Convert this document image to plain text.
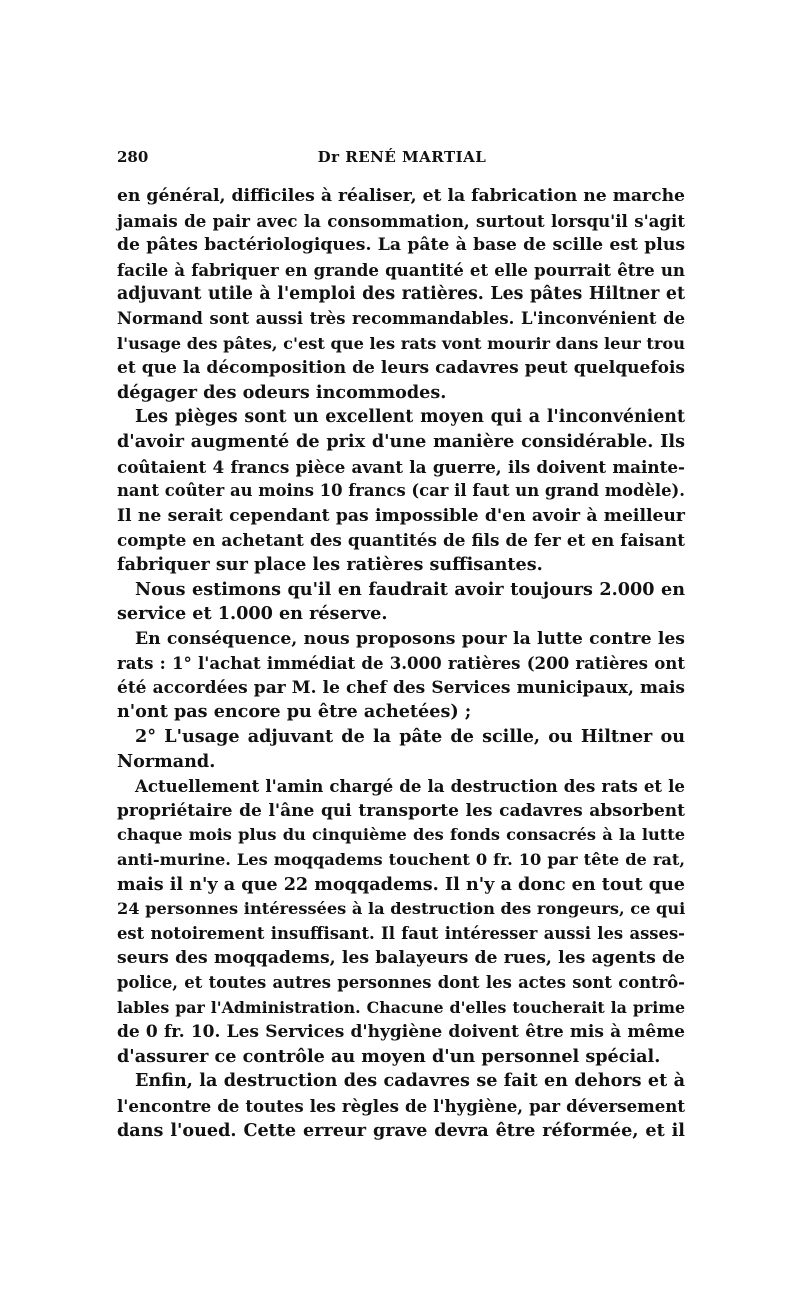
280	Dr RENÉ MARTIAL
en général, difficiles à réaliser, et la fabrication ne marche
jamais de pair avec la consommation, surtout lorsqu'il s'agit
de pâtes bactériologiques. La pâte à base de scille est plus
facile à fabriquer en grande quantité et elle pourrait être un
adjuvant utile à l'emploi des ratières. Les pâtes Hiltner et
Normand sont aussi très recommandables. L'inconvénient de
l'usage des pâtes, c'est que les rats vont mourir dans leur trou
et que la décomposition de leurs cadavres peut quelquefois
dégager des odeurs incommodes.
Les pièges sont un excellent moyen qui a l'inconvénient
d'avoir augmenté de prix d'une manière considérable. Ils
coûtaient 4 francs pièce avant la guerre, ils doivent mainte-
nant coûter au moins 10 francs (car il faut un grand modèle).
Il ne serait cependant pas impossible d'en avoir à meilleur
compte en achetant des quantités de fils de fer et en faisant
fabriquer sur place les ratières suffisantes.
Nous estimons qu'il en faudrait avoir toujours 2.000 en
service et 1.000 en réserve.
En conséquence, nous proposons pour la lutte contre les
rats : 1° l'achat immédiat de 3.000 ratières (200 ratières ont
été accordées par M. le chef des Services municipaux, mais
n'ont pas encore pu être achetées) ;
2° L'usage adjuvant de la pâte de scille, ou Hiltner ou
Normand.
Actuellement l'amin chargé de la destruction des rats et le
propriétaire de l'âne qui transporte les cadavres absorbent
chaque mois plus du cinquième des fonds consacrés à la lutte
anti-murine. Les moqqadems touchent 0 fr. 10 par tête de rat,
mais il n'y a que 22 moqqadems. Il n'y a donc en tout que
24 personnes intéressées à la destruction des rongeurs, ce qui
est notoirement insuffisant. Il faut intéresser aussi les asses-
seurs des moqqadems, les balayeurs de rues, les agents de
police, et toutes autres personnes dont les actes sont contrô-
lables par l'Administration. Chacune d'elles toucherait la prime
de 0 fr. 10. Les Services d'hygiène doivent être mis à même
d'assurer ce contrôle au moyen d'un personnel spécial.
Enfin, la destruction des cadavres se fait en dehors et à
l'encontre de toutes les règles de l'hygiène, par déversement
dans l'oued. Cette erreur grave devra être réformée, et il
